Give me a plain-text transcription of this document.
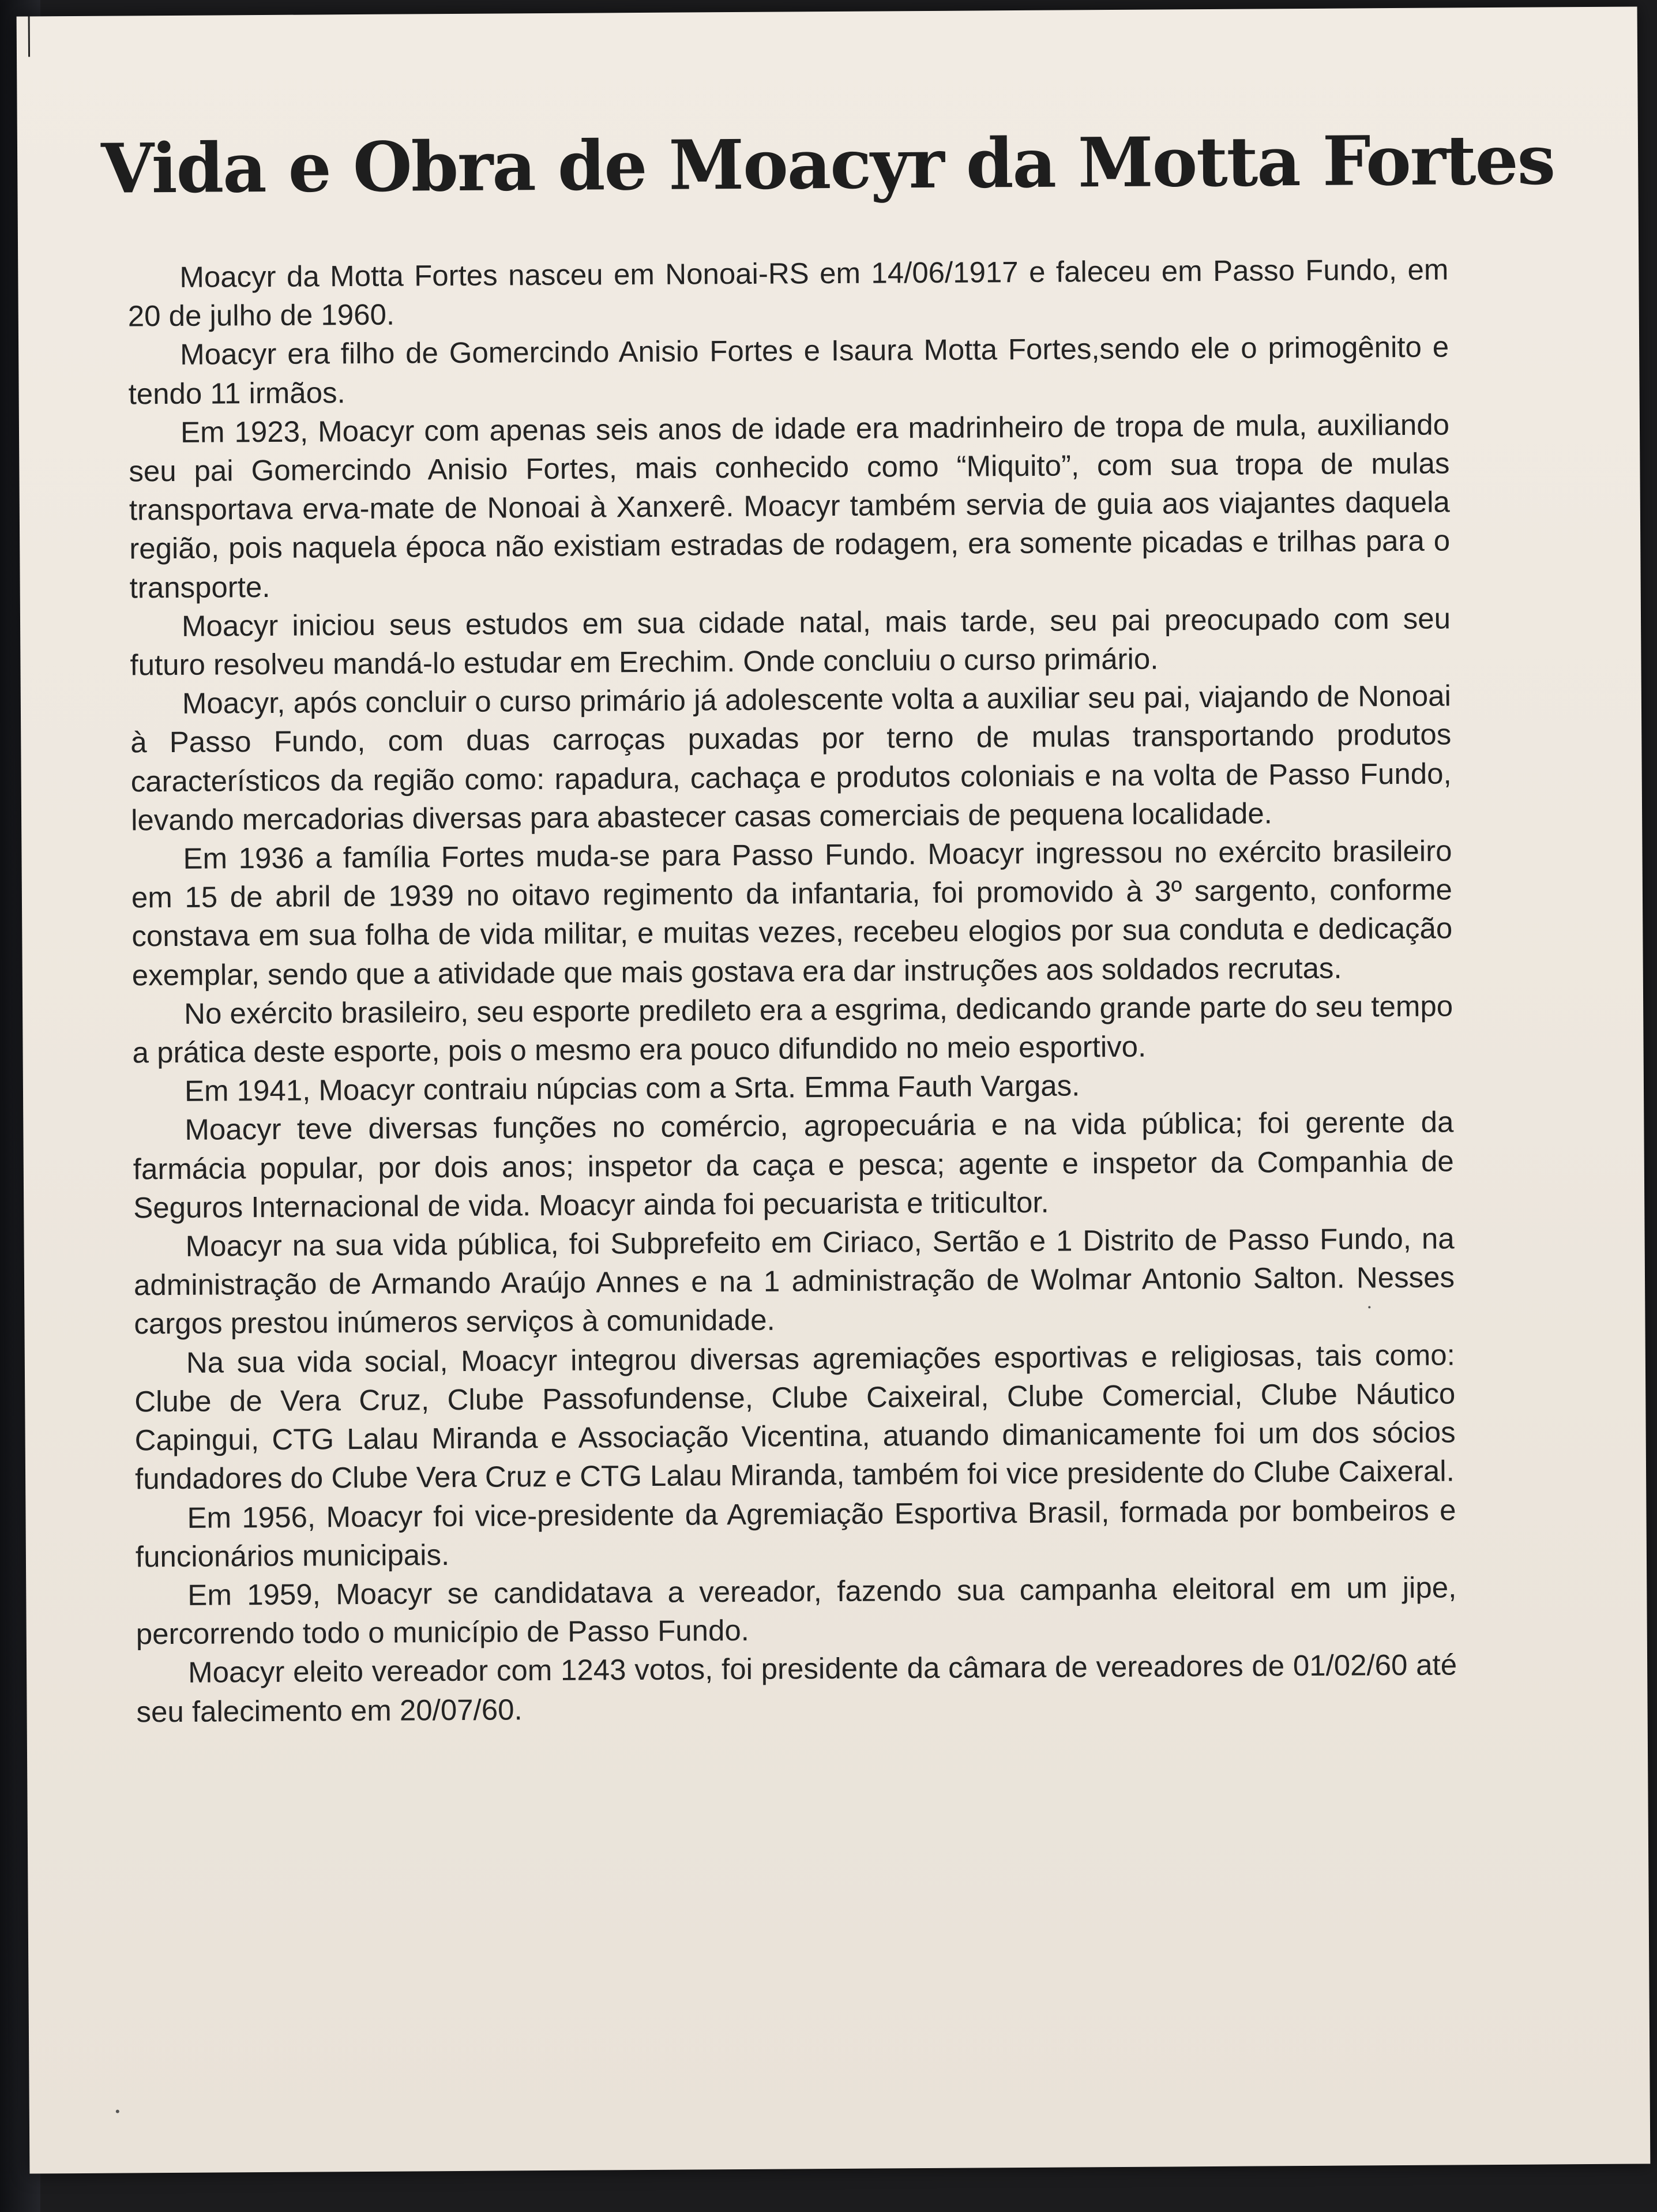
Vida e Obra de Moacyr da Motta Fortes

Moacyr da Motta Fortes nasceu em Nonoai-RS em 14/06/1917 e faleceu em Passo Fundo, em 20 de julho de 1960.

Moacyr era filho de Gomercindo Anisio Fortes e Isaura Motta Fortes,sendo ele o primogênito e tendo 11 irmãos.

Em 1923, Moacyr com apenas seis anos de idade era madrinheiro de tropa de mula, auxiliando seu pai Gomercindo Anisio Fortes, mais conhecido como “Miquito”, com sua tropa de mulas transportava erva-mate de Nonoai à Xanxerê. Moacyr também servia de guia aos viajantes daquela região, pois naquela época não existiam estradas de rodagem, era somente picadas e trilhas para o transporte.

Moacyr iniciou seus estudos em sua cidade natal, mais tarde, seu pai preocupado com seu futuro resolveu mandá-lo estudar em Erechim. Onde concluiu o curso primário.

Moacyr, após concluir o curso primário já adolescente volta a auxiliar seu pai, viajando de Nonoai à Passo Fundo, com duas carroças puxadas por terno de mulas transportando produtos característicos da região como: rapadura, cachaça e produtos coloniais e na volta de Passo Fundo, levando mercadorias diversas para abastecer casas comerciais de pequena localidade.

Em 1936 a família Fortes muda-se para Passo Fundo. Moacyr ingressou no exército brasileiro em 15 de abril de 1939 no oitavo regimento da infantaria, foi promovido à 3º sargento, conforme constava em sua folha de vida militar, e muitas vezes, recebeu elogios por sua conduta e dedicação exemplar, sendo que a atividade que mais gostava era dar instruções aos soldados recrutas.

No exército brasileiro, seu esporte predileto era a esgrima, dedicando grande parte do seu tempo a prática deste esporte, pois o mesmo era pouco difundido no meio esportivo.

Em 1941, Moacyr contraiu núpcias com a Srta. Emma Fauth Vargas.

Moacyr teve diversas funções no comércio, agropecuária e na vida pública; foi gerente da farmácia popular, por dois anos; inspetor da caça e pesca; agente e inspetor da Companhia de Seguros Internacional de vida. Moacyr ainda foi pecuarista e triticultor.

Moacyr na sua vida pública, foi Subprefeito em Ciriaco, Sertão e 1 Distrito de Passo Fundo, na administração de Armando Araújo Annes e na 1 administração de Wolmar Antonio Salton. Nesses cargos prestou inúmeros serviços à comunidade.

Na sua vida social, Moacyr integrou diversas agremiações esportivas e religiosas, tais como: Clube de Vera Cruz, Clube Passofundense, Clube Caixeiral, Clube Comercial, Clube Náutico Capingui, CTG Lalau Miranda e Associação Vicentina, atuando dimanicamente foi um dos sócios fundadores do Clube Vera Cruz e CTG Lalau Miranda, também foi vice presidente do Clube Caixeral.

Em 1956, Moacyr foi vice-presidente da Agremiação Esportiva Brasil, formada por bombeiros e funcionários municipais.

Em 1959, Moacyr se candidatava a vereador, fazendo sua campanha eleitoral em um jipe, percorrendo todo o município de Passo Fundo.

Moacyr eleito vereador com 1243 votos, foi presidente da câmara de vereadores de 01/02/60 até seu falecimento em 20/07/60.
